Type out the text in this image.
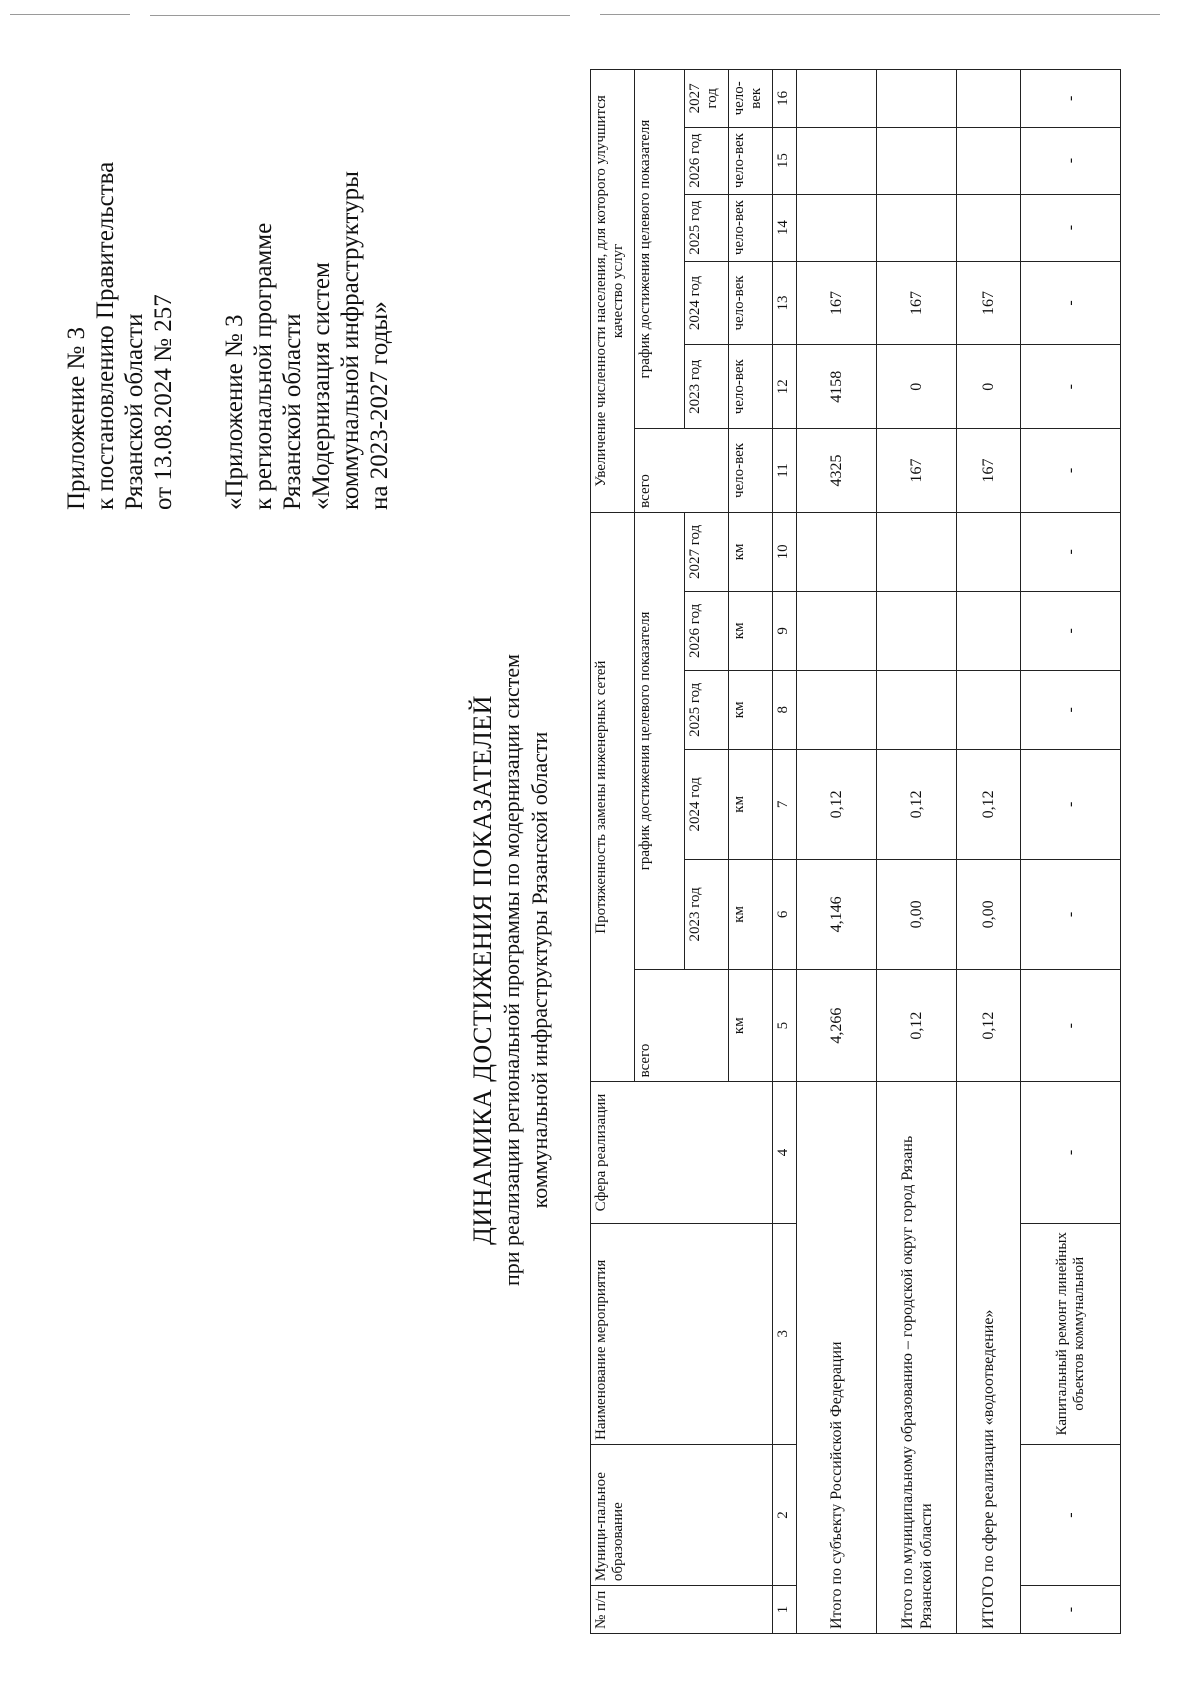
Приложение № 3 к постановлению Правительства Рязанской области от 13.08.2024 № 257 «Приложение № 3 к региональной программе Рязанской области «Модернизация систем коммунальной инфраструктуры на 2023-2027 годы»
ДИНАМИКА ДОСТИЖЕНИЯ ПОКАЗАТЕЛЕЙ при реализации региональной программы по модернизации систем коммунальной инфраструктуры Рязанской области
№ п/п	Муници-пальное образование	Наименование мероприятия	Сфера реализации	Протяженность замены инженерных сетей						Увеличение численности населения, для которого улучшится качество услуг					
				всего	график достижения целевого показателя					всего	график достижения целевого показателя				
					2023 год	2024 год	2025 год	2026 год	2027 год		2023 год	2024 год	2025 год	2026 год	2027 год
				км	км	км	км	км	км	чело-век	чело-век	чело-век	чело-век	чело-век	чело-век
1	2	3	4	5	6	7	8	9	10	11	12	13	14	15	16
Итого по субъекту Российской Федерации				4,266	4,146	0,12				4325	4158	167			
Итого по муниципальному образованию – городской округ город Рязань Рязанской области				0,12	0,00	0,12				167	0	167			
ИТОГО по сфере реализации «водоотведение»				0,12	0,00	0,12				167	0	167			
-	-	Капитальный ремонт линейных объектов коммунальной	-	-	-	-	-	-	-	-	-	-	-	-	-
